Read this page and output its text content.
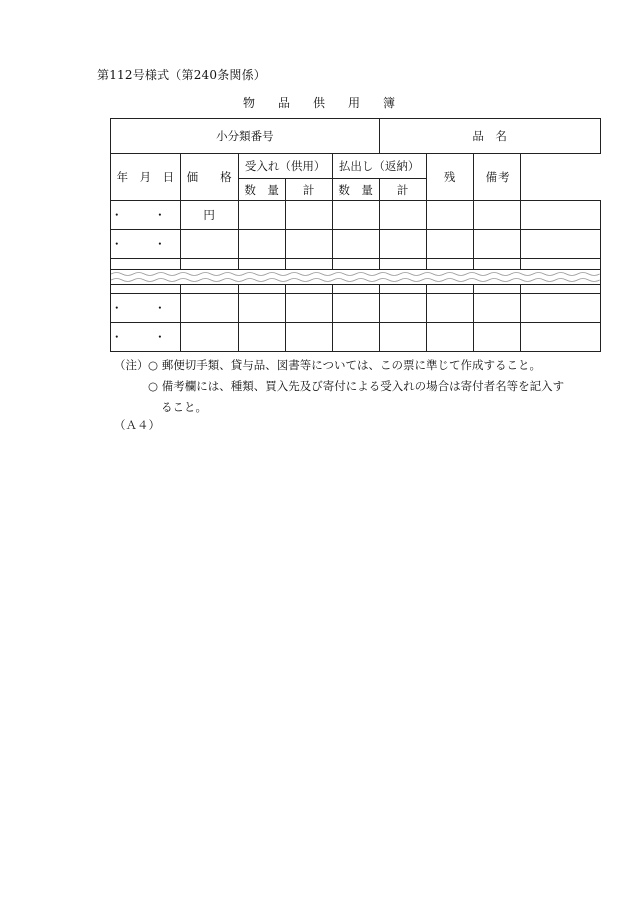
第112号様式（第240条関係）
物	品	供	用	簿
小分類番号					品　名			
年　月　日	価 格	受入れ（供用）		払出し（返納）		残	備 考	

		数　量	計	数　量	計			
・ ・	円							
・ ・								

・ ・								
・ ・								
（注） ○ 郵便切手類、貸与品、図書等については、この票に準じて作成すること。
○ 備考欄には、種類、買入先及び寄付による受入れの場合は寄付者名等を記入す
ること。
（Ａ４）
